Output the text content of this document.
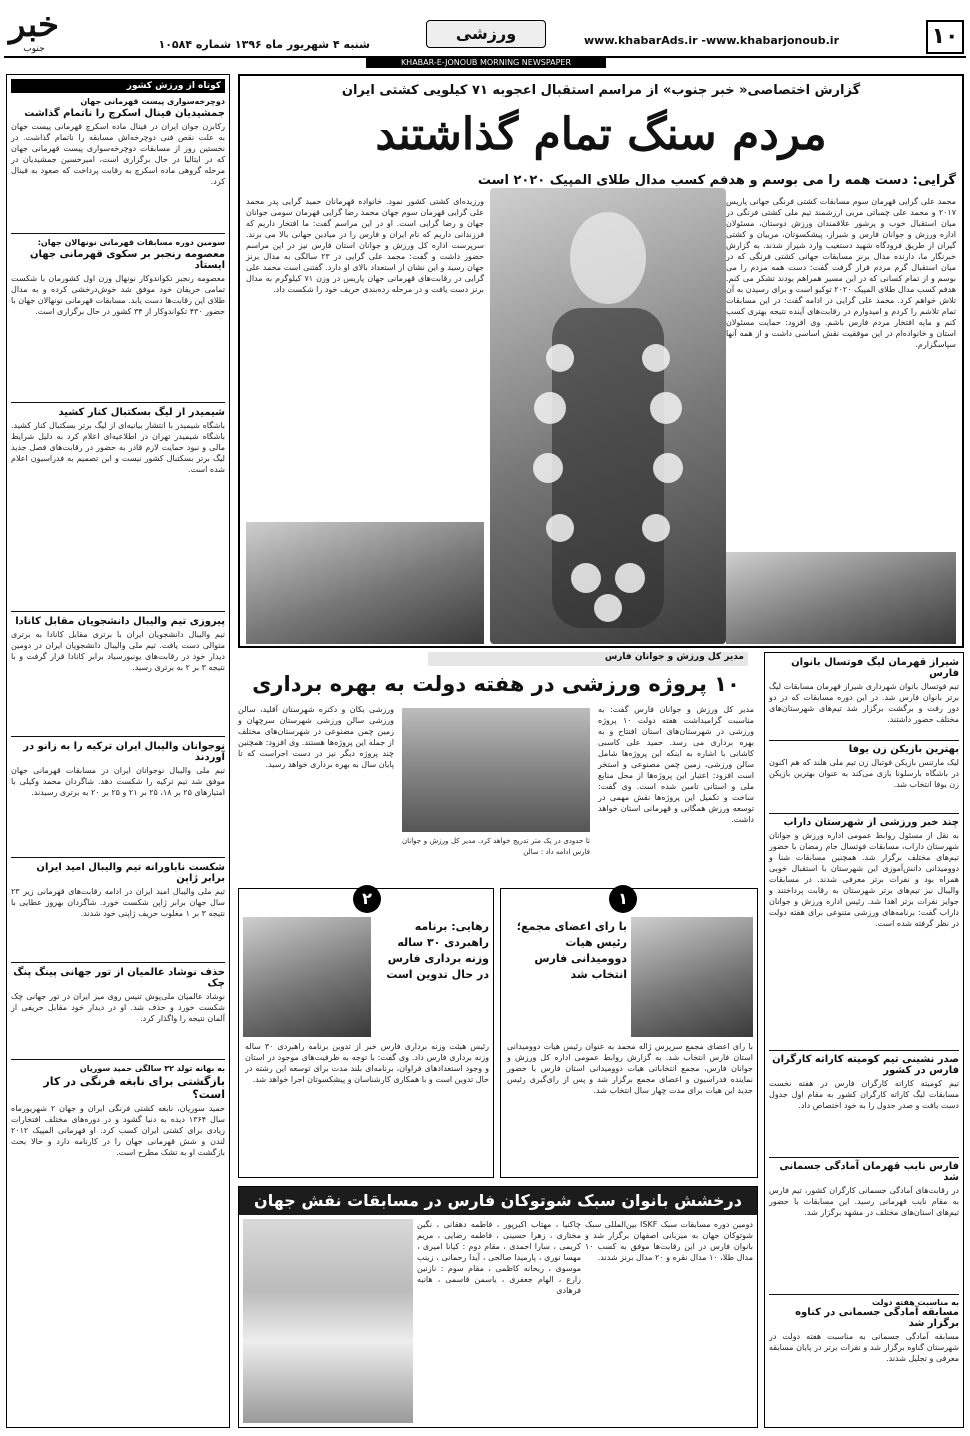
۱۰
www.khabarAds.ir -www.khabarjonoub.ir
ورزشی
شنبه ۴ شهریور ماه ۱۳۹۶ شماره ۱۰۵۸۴
خبر
جنوب
KHABAR-E-JONOUB MORNING NEWSPAPER
کوتاه از ورزش کشور
دوچرخه‌سواری پیست قهرمانی جهان
جمشیدیان فینال اسکرچ را ناتمام گذاشت
رکابزن جوان ایران در فینال ماده اسکرچ قهرمانی پیست جهان به علت نقص فنی دوچرخه‌اش مسابقه را ناتمام گذاشت. در نخستین روز از مسابقات دوچرخه‌سواری پیست قهرمانی جهان که در ایتالیا در حال برگزاری است، امیرحسین جمشیدیان در مرحله گروهی ماده اسکرچ به رقابت پرداخت که صعود به فینال کرد.
سومین دوره مسابقات قهرمانی نونهالان جهان:
معصومه رنجبر بر سکوی قهرمانی جهان ایستاد
معصومه رنجبر تکواندوکار نونهال وزن اول کشورمان با شکست تمامی حریفان خود موفق شد خوش‌درخشی کرده و به مدال طلای این رقابت‌ها دست یابد. مسابقات قهرمانی نونهالان جهان با حضور ۴۳۰ تکواندوکار از ۳۴ کشور در حال برگزاری است.
شیمیدر از لیگ بسکتبال کنار کشید
باشگاه شیمیدر با انتشار بیانیه‌ای از لیگ برتر بسکتبال کنار کشید. باشگاه شیمیدر تهران در اطلاعیه‌ای اعلام کرد به دلیل شرایط مالی و نبود حمایت لازم قادر به حضور در رقابت‌های فصل جدید لیگ برتر بسکتبال کشور نیست و این تصمیم به فدراسیون اعلام شده است.
پیروزی تیم والیبال دانشجویان مقابل کانادا
تیم والیبال دانشجویان ایران با برتری مقابل کانادا به برتری متوالی دست یافت. تیم ملی والیبال دانشجویان ایران در دومین دیدار خود در رقابت‌های یونیورسیاد برابر کانادا قرار گرفت و با نتیجه ۳ بر ۲ به برتری رسید.
نوجوانان والیبال ایران ترکیه را به زانو در آوردند
تیم ملی والیبال نوجوانان ایران در مسابقات قهرمانی جهان موفق شد تیم ترکیه را شکست دهد. شاگردان محمد وکیلی با امتیازهای ۲۵ بر ۱۸، ۲۵ بر ۲۱ و ۲۵ بر ۲۰ به برتری رسیدند.
شکست ناباورانه تیم والیبال امید ایران برابر ژاپن
تیم ملی والیبال امید ایران در ادامه رقابت‌های قهرمانی زیر ۲۳ سال جهان برابر ژاپن شکست خورد. شاگردان بهروز عطایی با نتیجه ۳ بر ۱ مغلوب حریف ژاپنی خود شدند.
حذف نوشاد عالمیان از تور جهانی پینگ پنگ چک
نوشاد عالمیان ملی‌پوش تنیس روی میز ایران در تور جهانی چک شکست خورد و حذف شد. او در دیدار خود مقابل حریفی از آلمان نتیجه را واگذار کرد.
به بهانه تولد ۳۲ سالگی حمید سوریان
بازگشتی برای نابغه فرنگی در کار است؟
حمید سوریان، نابغه کشتی فرنگی ایران و جهان ۲ شهریورماه سال ۱۳۶۴ دیده به دنیا گشود و در دوره‌های مختلف افتخارات زیادی برای کشتی ایران کسب کرد. او قهرمانی المپیک ۲۰۱۲ لندن و شش قهرمانی جهان را در کارنامه دارد و حالا بحث بازگشت او به تشک مطرح است.
گزارش اختصاصی« خبر جنوب» از مراسم استقبال اعجوبه ۷۱ کیلویی کشتی ایران
مردم سنگ تمام گذاشتند
گرایی: دست همه را می بوسم و هدفم کسب مدال طلای المپیک ۲۰۲۰ است
محمد علی گرایی قهرمان سوم مسابقات کشتی فرنگی جهانی پاریس ۲۰۱۷ و محمد علی چمباتی مربی ارزشمند تیم ملی کشتی فرنگی در میان استقبال خوب و پرشور علاقمندان ورزش دوستان، مسئولان اداره ورزش و جوانان فارس و شیراز، پیشکسوتان، مربیان و کشتی گیران از طریق فرودگاه شهید دستغیب وارد شیراز شدند. به گزارش خبرنگار ما، دارنده مدال برنز مسابقات جهانی کشتی فرنگی که در میان استقبال گرم مردم قرار گرفت گفت: دست همه مردم را می بوسم و از تمام کسانی که در این مسیر همراهم بودند تشکر می کنم. هدفم کسب مدال طلای المپیک ۲۰۲۰ توکیو است و برای رسیدن به آن تلاش خواهم کرد. محمد علی گرایی در ادامه گفت: در این مسابقات تمام تلاشم را کردم و امیدوارم در رقابت‌های آینده نتیجه بهتری کسب کنم و مایه افتخار مردم فارس باشم. وی افزود: حمایت مسئولان استان و خانواده‌ام در این موفقیت نقش اساسی داشت و از همه آنها سپاسگزارم.
ورزیده‌ای کشتی کشور نمود. خانواده قهرمانان حمید گرایی پدر محمد علی گرایی قهرمان سوم جهان محمد رضا گرایی قهرمان سومی جوانان جهان و رضا گرایی است. او در این مراسم گفت: ما افتخار داریم که فرزندانی داریم که نام ایران و فارس را در میادین جهانی بالا می برند. سرپرست اداره کل ورزش و جوانان استان فارس نیز در این مراسم حضور داشت و گفت: محمد علی گرایی در ۲۳ سالگی به مدال برنز جهان رسید و این نشان از استعداد بالای او دارد. گفتنی است محمد علی گرایی در رقابت‌های قهرمانی جهان پاریس در وزن ۷۱ کیلوگرم به مدال برنز دست یافت و در مرحله رده‌بندی حریف خود را شکست داد.
مدیر کل ورزش و جوانان فارس
۱۰ پروژه ورزشی در هفته دولت به بهره برداری
مدیر کل ورزش و جوانان فارس گفت: به مناسبت گرامیداشت هفته دولت ۱۰ پروژه ورزشی در شهرستان‌های استان افتتاح و به بهره برداری می رسد. حمید علی کاسبی کاشانی با اشاره به اینکه این پروژه‌ها شامل سالن ورزشی، زمین چمن مصنوعی و استخر است افزود: اعتبار این پروژه‌ها از محل منابع ملی و استانی تامین شده است. وی گفت: ساخت و تکمیل این پروژه‌ها نقش مهمی در توسعه ورزش همگانی و قهرمانی استان خواهد داشت.
تا حدودی در یک متر تدریج خواهد کرد. مدیر کل ورزش و جوانان فارس ادامه داد : سالن
ورزشی بکان و دکتره شهرستان آقلید، سالن ورزشی سالن ورزشی شهرستان سرچهان و زمین چمن مصنوعی در شهرستان‌های مختلف از جمله این پروژه‌ها هستند. وی افزود: همچنین چند پروژه دیگر نیز در دست اجراست که تا پایان سال به بهره برداری خواهد رسید.
۱
با رای اعضای مجمع؛ رئیس هیات دوومیدانی فارس انتخاب شد
با رای اعضای مجمع سرپرس ژاله محمد به عنوان رئیس هیات دوومیدانی استان فارس انتخاب شد. به گزارش روابط عمومی اداره کل ورزش و جوانان فارس، مجمع انتخاباتی هیات دوومیدانی استان فارس با حضور نماینده فدراسیون و اعضای مجمع برگزار شد و پس از رای‌گیری رئیس جدید این هیات برای مدت چهار سال انتخاب شد.
۲
رهایی: برنامه راهبردی ۳۰ ساله وزنه برداری فارس در حال تدوین است
رئیس هیئت وزنه برداری فارس خبر از تدوین برنامه راهبردی ۳۰ ساله وزنه برداری فارس داد. وی گفت: با توجه به ظرفیت‌های موجود در استان و وجود استعدادهای فراوان، برنامه‌ای بلند مدت برای توسعه این رشته در حال تدوین است و با همکاری کارشناسان و پیشکسوتان اجرا خواهد شد.
درخشش بانوان سبک شوتوکان فارس در مسابقات نقش جهان
دومین دوره مسابقات سبک ISKF بین‌المللی سبک شوتوکان جهان به میزبانی اصفهان برگزار شد و بانوان فارس در این رقابت‌ها موفق به کسب ۱۰ مدال طلا، ۱۰ مدال نقره و ۲۰ مدال برنز شدند.
چاکنیا ، مهتاب اکبرپور ، فاطمه دهقانی ، نگین مختاری ، زهرا حسینی ، فاطمه رضایی ، مریم کریمی ، سارا احمدی ، مقام دوم : کیانا امیری ، مهسا نوری ، پارمیدا صالحی ، آیدا رحمانی ، زینب موسوی ، ریحانه کاظمی ، مقام سوم : نازنین زارع ، الهام جعفری ، یاسمن قاسمی ، هانیه فرهادی
شیراز قهرمان لیگ فوتسال بانوان فارس
تیم فوتسال بانوان شهرداری شیراز قهرمان مسابقات لیگ برتر بانوان فارس شد. در این دوره مسابقات که در دو دور رفت و برگشت برگزار شد تیم‌های شهرستان‌های مختلف حضور داشتند.
بهترین بازیکن زن یوفا
لیک مارتنس بازیکن فوتبال زن تیم ملی هلند که هم اکنون در باشگاه بارسلونا بازی می‌کند به عنوان بهترین بازیکن زن یوفا انتخاب شد.
چند خبر ورزشی از شهرستان داراب
به نقل از مسئول روابط عمومی اداره ورزش و جوانان شهرستان داراب، مسابقات فوتسال جام رمضان با حضور تیم‌های مختلف برگزار شد. همچنین مسابقات شنا و دوومیدانی دانش‌آموزی این شهرستان با استقبال خوبی همراه بود و نفرات برتر معرفی شدند. در مسابقات والیبال نیز تیم‌های برتر شهرستان به رقابت پرداختند و جوایز نفرات برتر اهدا شد. رئیس اداره ورزش و جوانان داراب گفت: برنامه‌های ورزشی متنوعی برای هفته دولت در نظر گرفته شده است.
صدر نشینی تیم کومیته کاراته کارگران فارس در کشور
تیم کومیته کاراته کارگران فارس در هفته نخست مسابقات لیگ کاراته کارگران کشور به مقام اول جدول دست یافت و صدر جدول را به خود اختصاص داد.
فارس نایب قهرمان آمادگی جسمانی شد
در رقابت‌های آمادگی جسمانی کارگران کشور، تیم فارس به مقام نایب قهرمانی رسید. این مسابقات با حضور تیم‌های استان‌های مختلف در مشهد برگزار شد.
به مناسبت هفته دولت
مسابقه آمادگی جسمانی در کناوه برگزار شد
مسابقه آمادگی جسمانی به مناسبت هفته دولت در شهرستان گناوه برگزار شد و نفرات برتر در پایان مسابقه معرفی و تجلیل شدند.
